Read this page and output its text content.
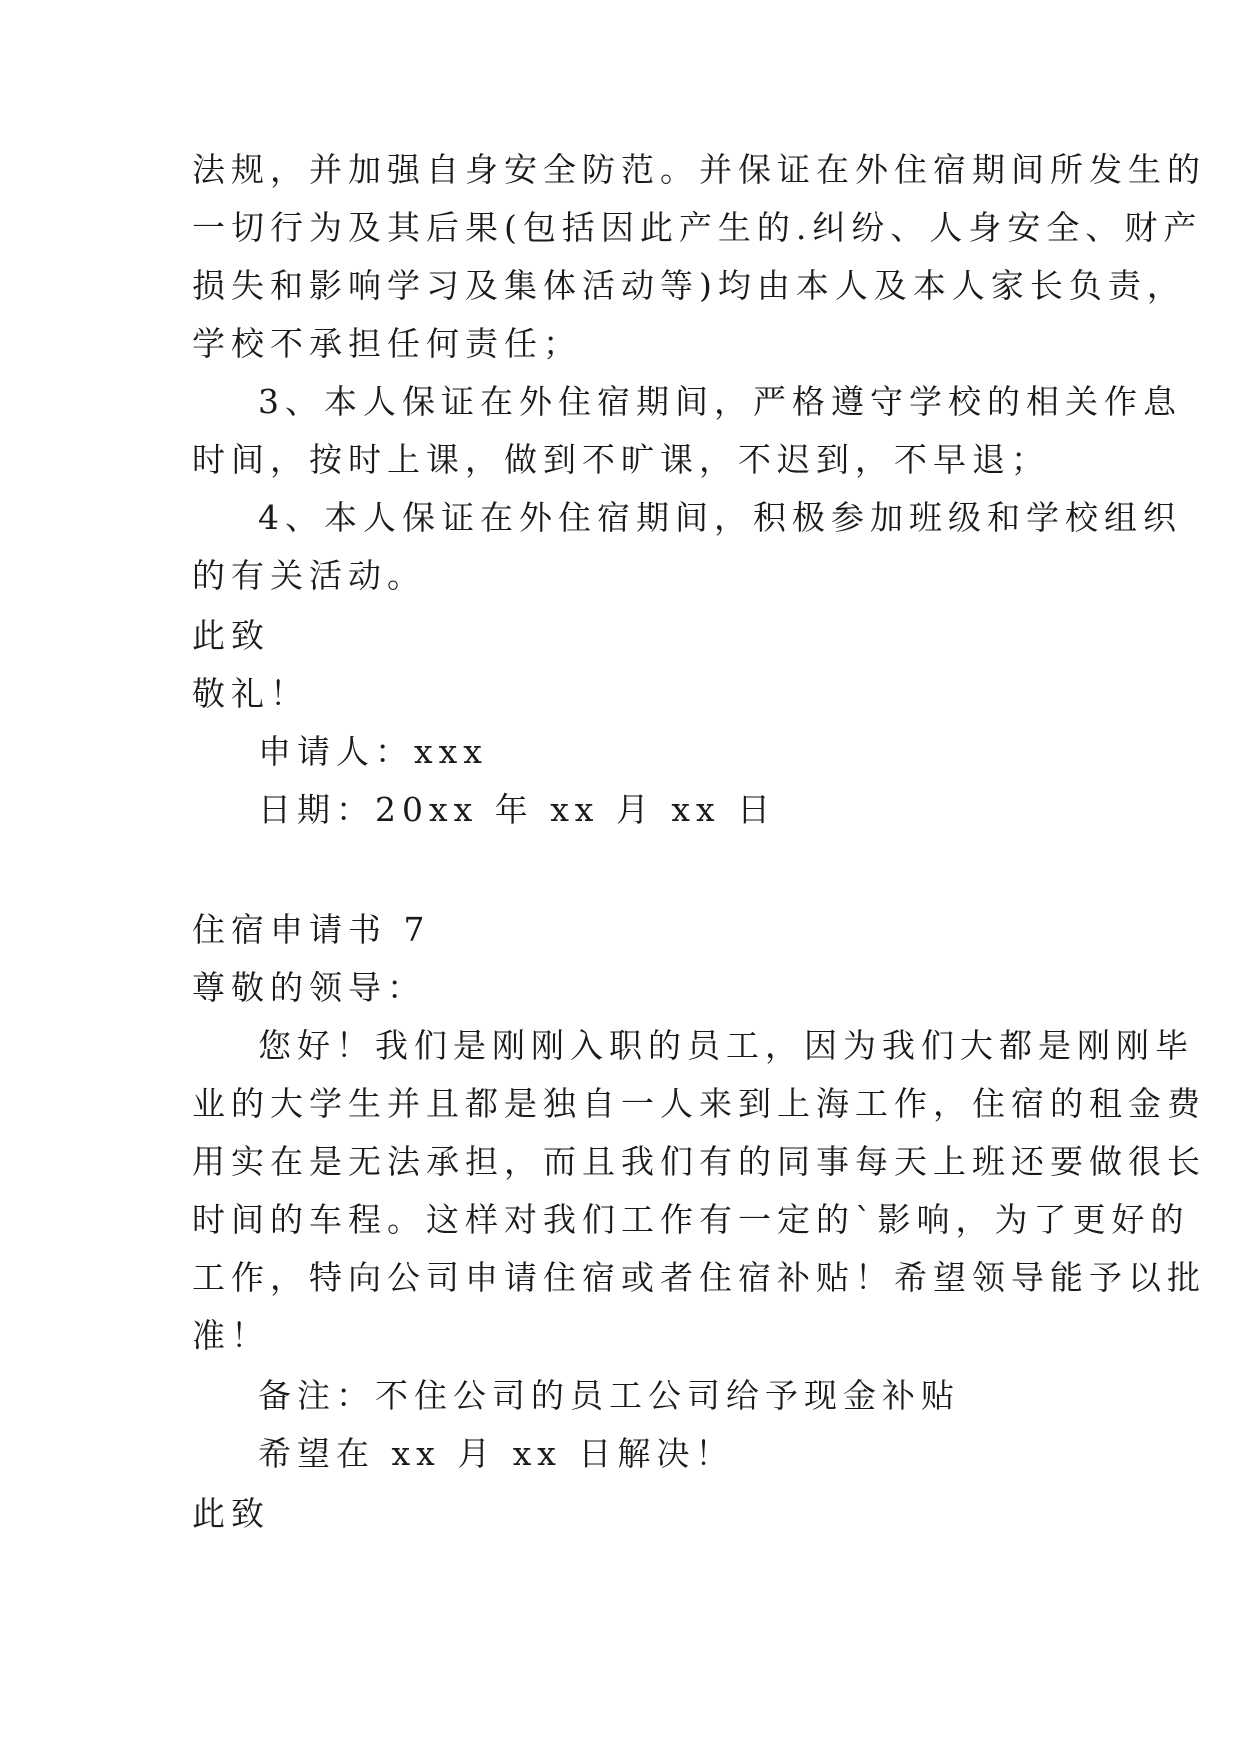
法规，并加强自身安全防范。并保证在外住宿期间所发生的
一切行为及其后果(包括因此产生的.纠纷、人身安全、财产
损失和影响学习及集体活动等)均由本人及本人家长负责，
学校不承担任何责任；
3、本人保证在外住宿期间，严格遵守学校的相关作息
时间，按时上课，做到不旷课，不迟到，不早退；
4、本人保证在外住宿期间，积极参加班级和学校组织
的有关活动。
此致
敬礼！
申请人：xxx
日期：20xx 年 xx 月 xx 日
住宿申请书 7
尊敬的领导：
您好！我们是刚刚入职的员工，因为我们大都是刚刚毕
业的大学生并且都是独自一人来到上海工作，住宿的租金费
用实在是无法承担，而且我们有的同事每天上班还要做很长
时间的车程。这样对我们工作有一定的`影响，为了更好的
工作，特向公司申请住宿或者住宿补贴！希望领导能予以批
准！
备注：不住公司的员工公司给予现金补贴
希望在 xx 月 xx 日解决！
此致
